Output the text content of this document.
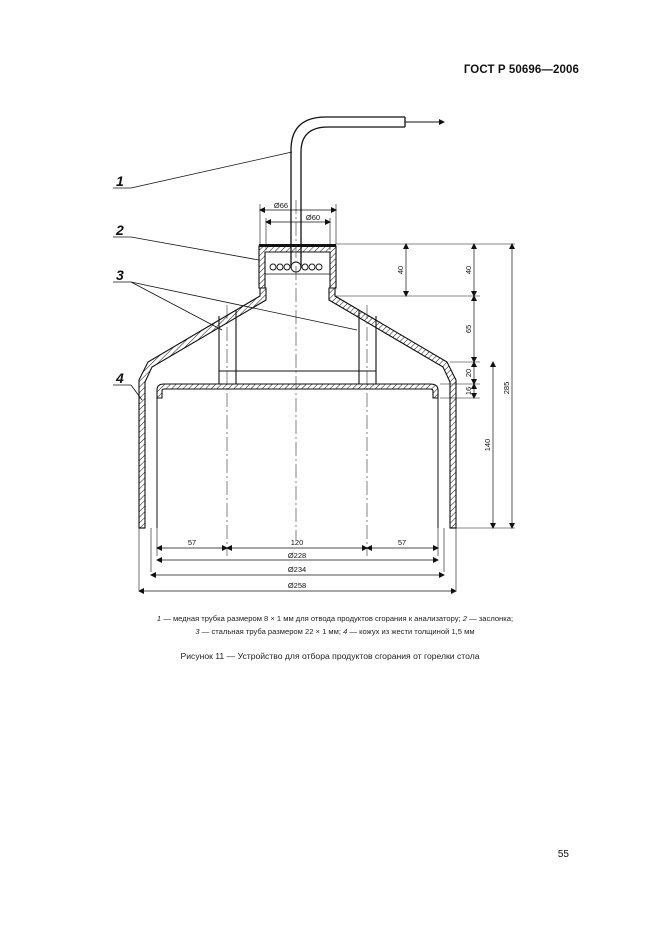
ГОСТ Р 50696—2006
Ø66
Ø60
40	40
65
20
16
140
285
57	120	57
Ø228
Ø234
Ø258
1
2
3
4
1 — медная трубка размером 8 × 1 мм для отвода продуктов сгорания к анализатору; 2 — заслонка;
3 — стальная труба размером 22 × 1 мм; 4 — кожух из жести толщиной 1,5 мм
Рисунок 11 — Устройство для отбора продуктов сгорания от горелки стола
55
